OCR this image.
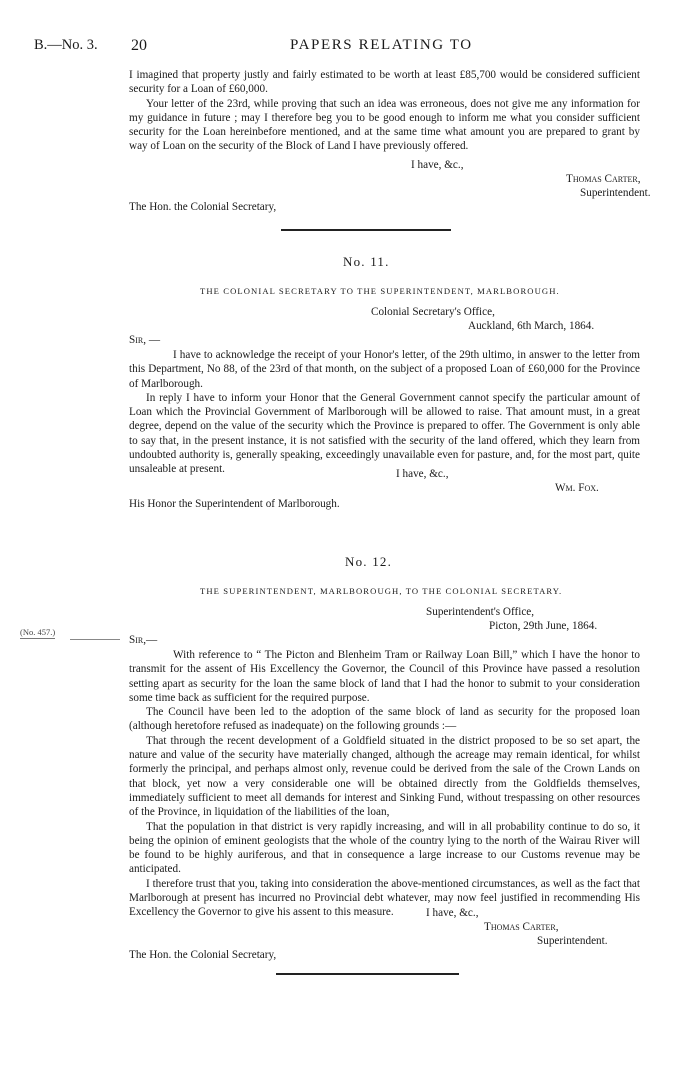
B.—No. 3. 20	PAPERS RELATING TO

I imagined that property justly and fairly estimated to be worth at least £85,700 would be considered sufficient security for a Loan of £60,000.

Your letter of the 23rd, while proving that such an idea was erroneous, does not give me any information for my guidance in future ; may I therefore beg you to be good enough to inform me what you consider sufficient security for the Loan hereinbefore mentioned, and at the same time what amount you are prepared to grant by way of Loan on the security of the Block of Land I have previously offered.

I have, &c.,
Thomas Carter,
Superintendent.
The Hon. the Colonial Secretary,
No. 11.
THE COLONIAL SECRETARY TO THE SUPERINTENDENT, MARLBOROUGH.
Colonial Secretary's Office,
Auckland, 6th March, 1864.
Sir, —

I have to acknowledge the receipt of your Honor's letter, of the 29th ultimo, in answer to the letter from this Department, No 88, of the 23rd of that month, on the subject of a proposed Loan of £60,000 for the Province of Marlborough.

In reply I have to inform your Honor that the General Government cannot specify the particular amount of Loan which the Provincial Government of Marlborough will be allowed to raise. That amount must, in a great degree, depend on the value of the security which the Province is prepared to offer. The Government is only able to say that, in the present instance, it is not satisfied with the security of the land offered, which they learn from undoubted authority is, generally speaking, exceedingly unavailable even for pasture, and, for the most part, quite unsaleable at present.	I have, &c.,
Wm. Fox.
His Honor the Superintendent of Marlborough.
No. 12.
THE SUPERINTENDENT, MARLBOROUGH, TO THE COLONIAL SECRETARY.
Superintendent's Office,
Picton, 29th June, 1864.
(No. 457.)
Sir,—

With reference to “ The Picton and Blenheim Tram or Railway Loan Bill,” which I have the honor to transmit for the assent of His Excellency the Governor, the Council of this Province have passed a resolution setting apart as security for the loan the same block of land that I had the honor to submit to your consideration some time back as sufficient for the required purpose.

The Council have been led to the adoption of the same block of land as security for the proposed loan (although heretofore refused as inadequate) on the following grounds :—

That through the recent development of a Goldfield situated in the district proposed to be so set apart, the nature and value of the security have materially changed, although the acreage may remain identical, for whilst formerly the principal, and perhaps almost only, revenue could be derived from the sale of the Crown Lands on that block, yet now a very considerable one will be obtained directly from the Goldfields themselves, immediately sufficient to meet all demands for interest and Sinking Fund, without trespassing on other resources of the Province, in liquidation of the liabilities of the loan,

That the population in that district is very rapidly increasing, and will in all probability continue to do so, it being the opinion of eminent geologists that the whole of the country lying to the north of the Wairau River will be found to be highly auriferous, and that in consequence a large increase to our Customs revenue may be anticipated.

I therefore trust that you, taking into consideration the above-mentioned circumstances, as well as the fact that Marlborough at present has incurred no Provincial debt whatever, may now feel justified in recommending His Excellency the Governor to give his assent to this measure.	I have, &c.,
Thomas Carter,
Superintendent.
The Hon. the Colonial Secretary,
